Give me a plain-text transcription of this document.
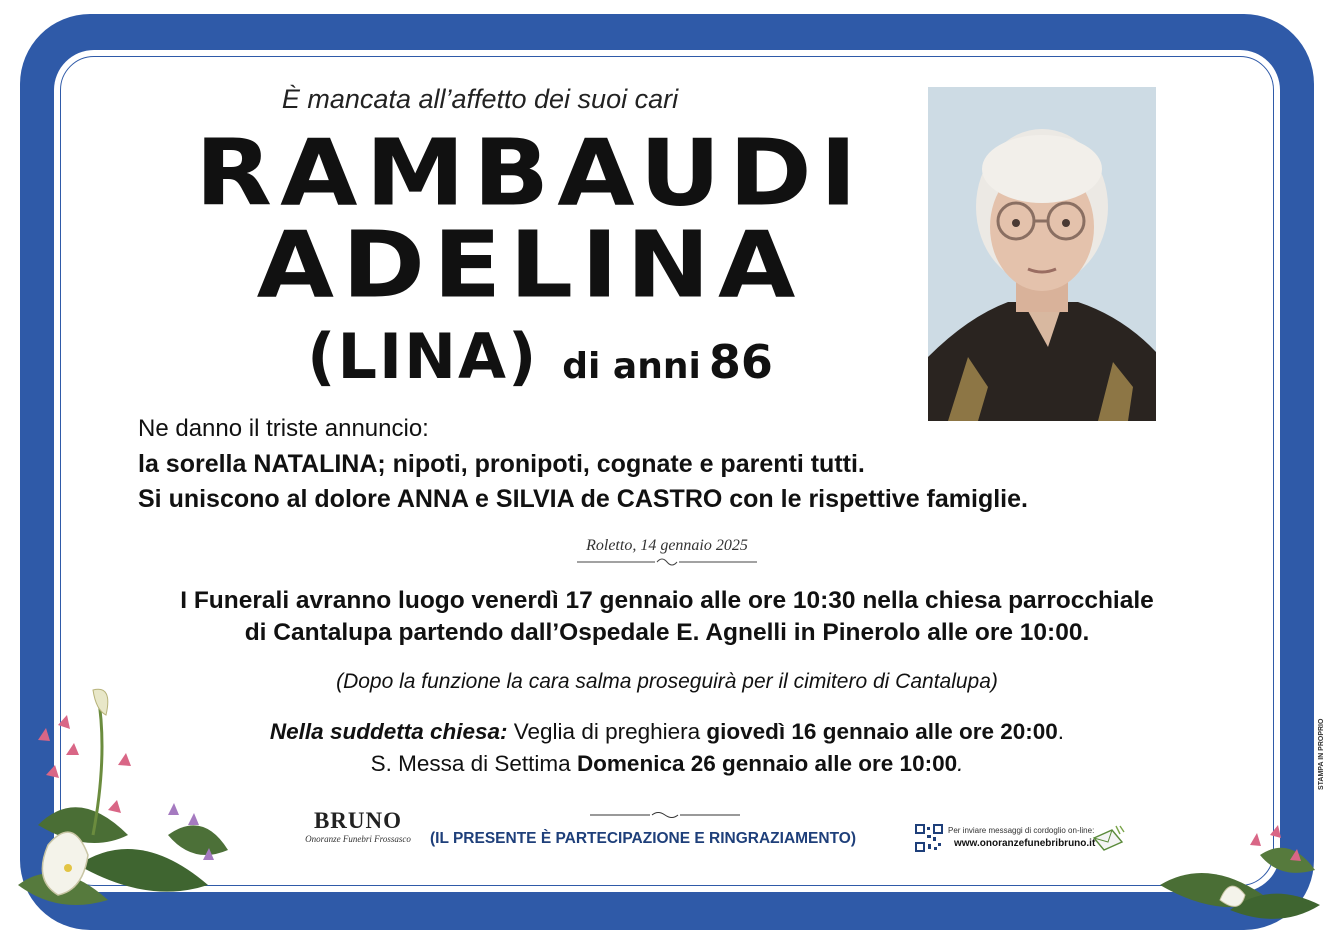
È mancata all’affetto dei suoi cari
RAMBAUDI
ADELINA
(LINA) di anni 86
Ne danno il triste annuncio:
la sorella NATALINA; nipoti, pronipoti, cognate e parenti tutti.
Si uniscono al dolore ANNA e SILVIA de CASTRO con le rispettive famiglie.
Roletto, 14 gennaio 2025
I Funerali avranno luogo venerdì 17 gennaio alle ore 10:30 nella chiesa parrocchiale
di Cantalupa partendo dall’Ospedale E. Agnelli in Pinerolo alle ore 10:00.
(Dopo la funzione la cara salma proseguirà per il cimitero di Cantalupa)
Nella suddetta chiesa: Veglia di preghiera giovedì 16 gennaio alle ore 20:00.
S. Messa di Settima Domenica 26 gennaio alle ore 10:00.
BRUNO
Onoranze Funebri Frossasco	(IL PRESENTE È PARTECIPAZIONE E RINGRAZIAMENTO)	Per inviare messaggi di cordoglio on-line:
www.onoranzefunebribruno.it
STAMPA IN PROPRIO
